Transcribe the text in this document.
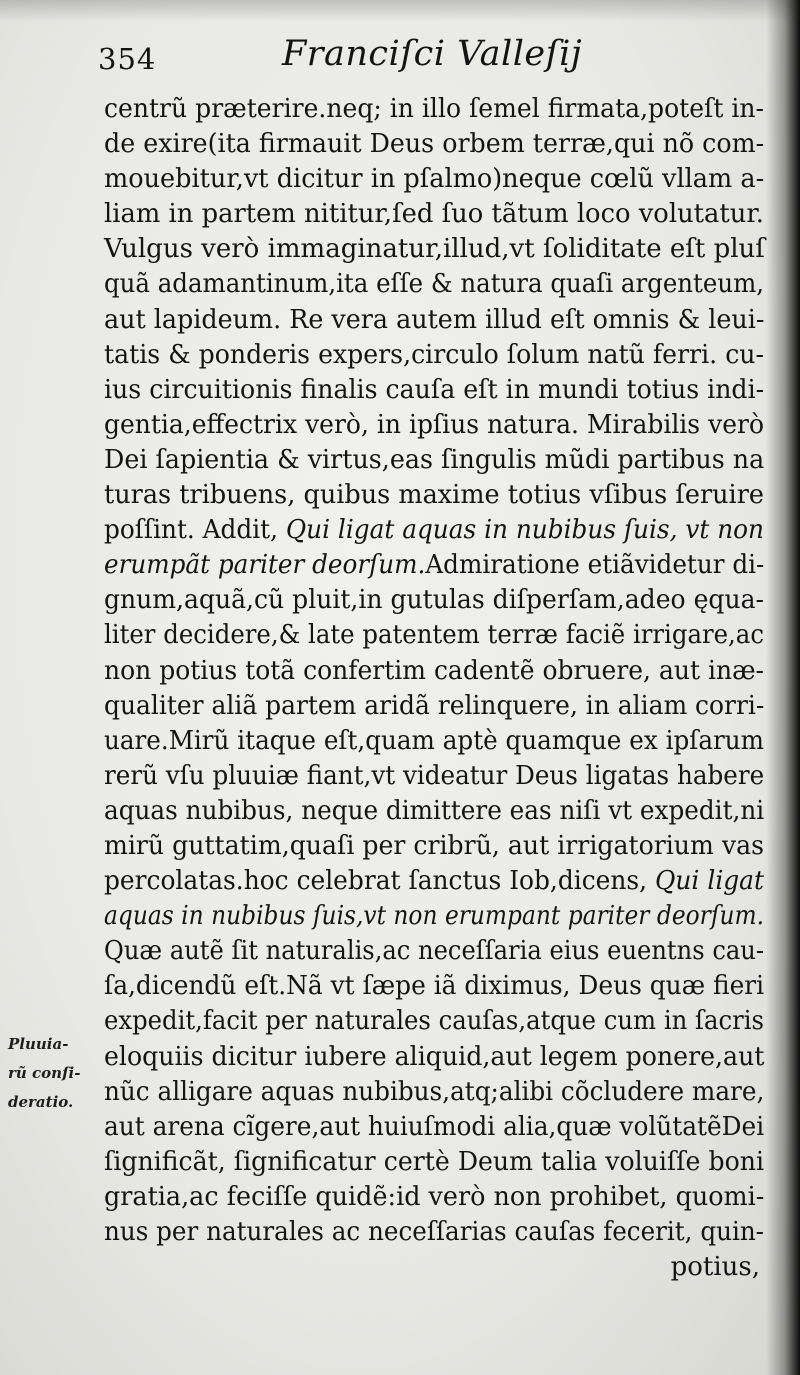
354	Franciſci Valleſij
Pluuia-
rũ conſi-
deratio.
centrũ præterire.neq; in illo ſemel firmata,poteſt in-
de exire(ita firmauit Deus orbem terræ,qui nõ com-
mouebitur,vt dicitur in pſalmo)neque cœlũ vllam a-
liam in partem nititur,ſed ſuo tãtum loco volutatur.
Vulgus verò immaginatur,illud,vt ſoliditate eſt pluſ
quã adamantinum,ita eſſe & natura quaſi argenteum,
aut lapideum. Re vera autem illud eſt omnis & leui-
tatis & ponderis expers,circulo ſolum natũ ferri. cu-
ius circuitionis finalis cauſa eſt in mundi totius indi-
gentia,effectrix verò, in ipſius natura. Mirabilis verò
Dei ſapientia & virtus,eas ſingulis mũdi partibus na
turas tribuens, quibus maxime totius vſibus ſeruire
poſſint. Addit, Qui ligat aquas in nubibus ſuis, vt non
erumpãt pariter deorſum.Admiratione etiãvidetur di-
gnum,aquã,cũ pluit,in gutulas diſperſam,adeo ęqua-
liter decidere,& late patentem terræ faciẽ irrigare,ac
non potius totã confertim cadentẽ obruere, aut inæ-
qualiter aliã partem aridã relinquere, in aliam corri-
uare.Mirũ itaque eſt,quam aptè quamque ex ipſarum
rerũ vſu pluuiæ fiant,vt videatur Deus ligatas habere
aquas nubibus, neque dimittere eas niſi vt expedit,ni
mirũ guttatim,quaſi per cribrũ, aut irrigatorium vas
percolatas.hoc celebrat ſanctus Iob,dicens, Qui ligat
aquas in nubibus ſuis,vt non erumpant pariter deorſum.
Quæ autẽ ſit naturalis,ac neceſſaria eius euentns cau-
ſa,dicendũ eſt.Nã vt ſæpe iã diximus, Deus quæ fieri
expedit,facit per naturales cauſas,atque cum in ſacris
eloquiis dicitur iubere aliquid,aut legem ponere,aut
nũc alligare aquas nubibus,atq;alibi cõcludere mare,
aut arena cĩgere,aut huiuſmodi alia,quæ volũtatẽDei
ſignificãt, ſignificatur certè Deum talia voluiſſe boni
gratia,ac feciſſe quidẽ:id verò non prohibet, quomi-
nus per naturales ac neceſſarias cauſas fecerit, quin-
potius,
